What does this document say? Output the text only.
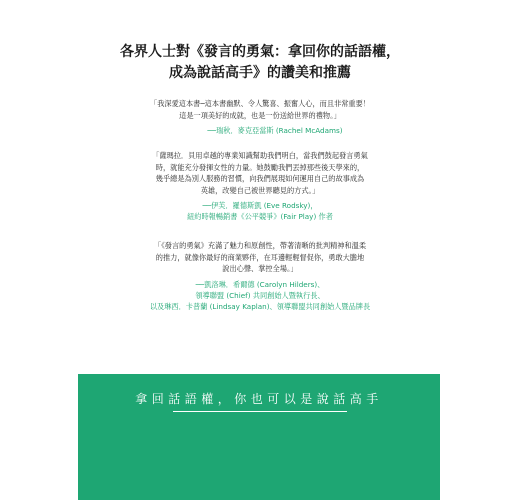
各界人士對《發言的勇氣：拿回你的話語權，
成為說話高手》的讚美和推薦
「我深愛這本書─這本書幽默、令人驚喜、振奮人心，而且非常重要！
這是一項美好的成就，也是一份送給世界的禮物。」
──瑞秋．麥克亞當斯 (Rachel McAdams)
「薩瑪拉．貝用卓越的專業知識幫助我們明白，當我們鼓起發言勇氣
時，就能充分發揮女性的力量。她鼓勵我們丟掉那些後天學來的，
幾乎總是為別人服務的習慣，向我們展現如何運用自己的故事成為
英雄，改變自己被世界聽見的方式。」
──伊芙．羅德斯凱 (Eve Rodsky)，
紐約時報暢銷書《公平競爭》(Fair Play) 作者
「《發言的勇氣》充滿了魅力和原創性，帶著清晰的批判精神和溫柔
的推力，就像你最好的商業夥伴，在耳邊輕輕督促你，勇敢大膽地
說出心聲、掌控全場。」
──凱洛琳．希爾德 (Carolyn Hilders)、
領導聯盟 (Chief) 共同創始人暨執行長、
以及琳西．卡普蘭 (Lindsay Kaplan)、領導聯盟共同創始人暨品牌長
拿回話語權，你也可以是說話高手
